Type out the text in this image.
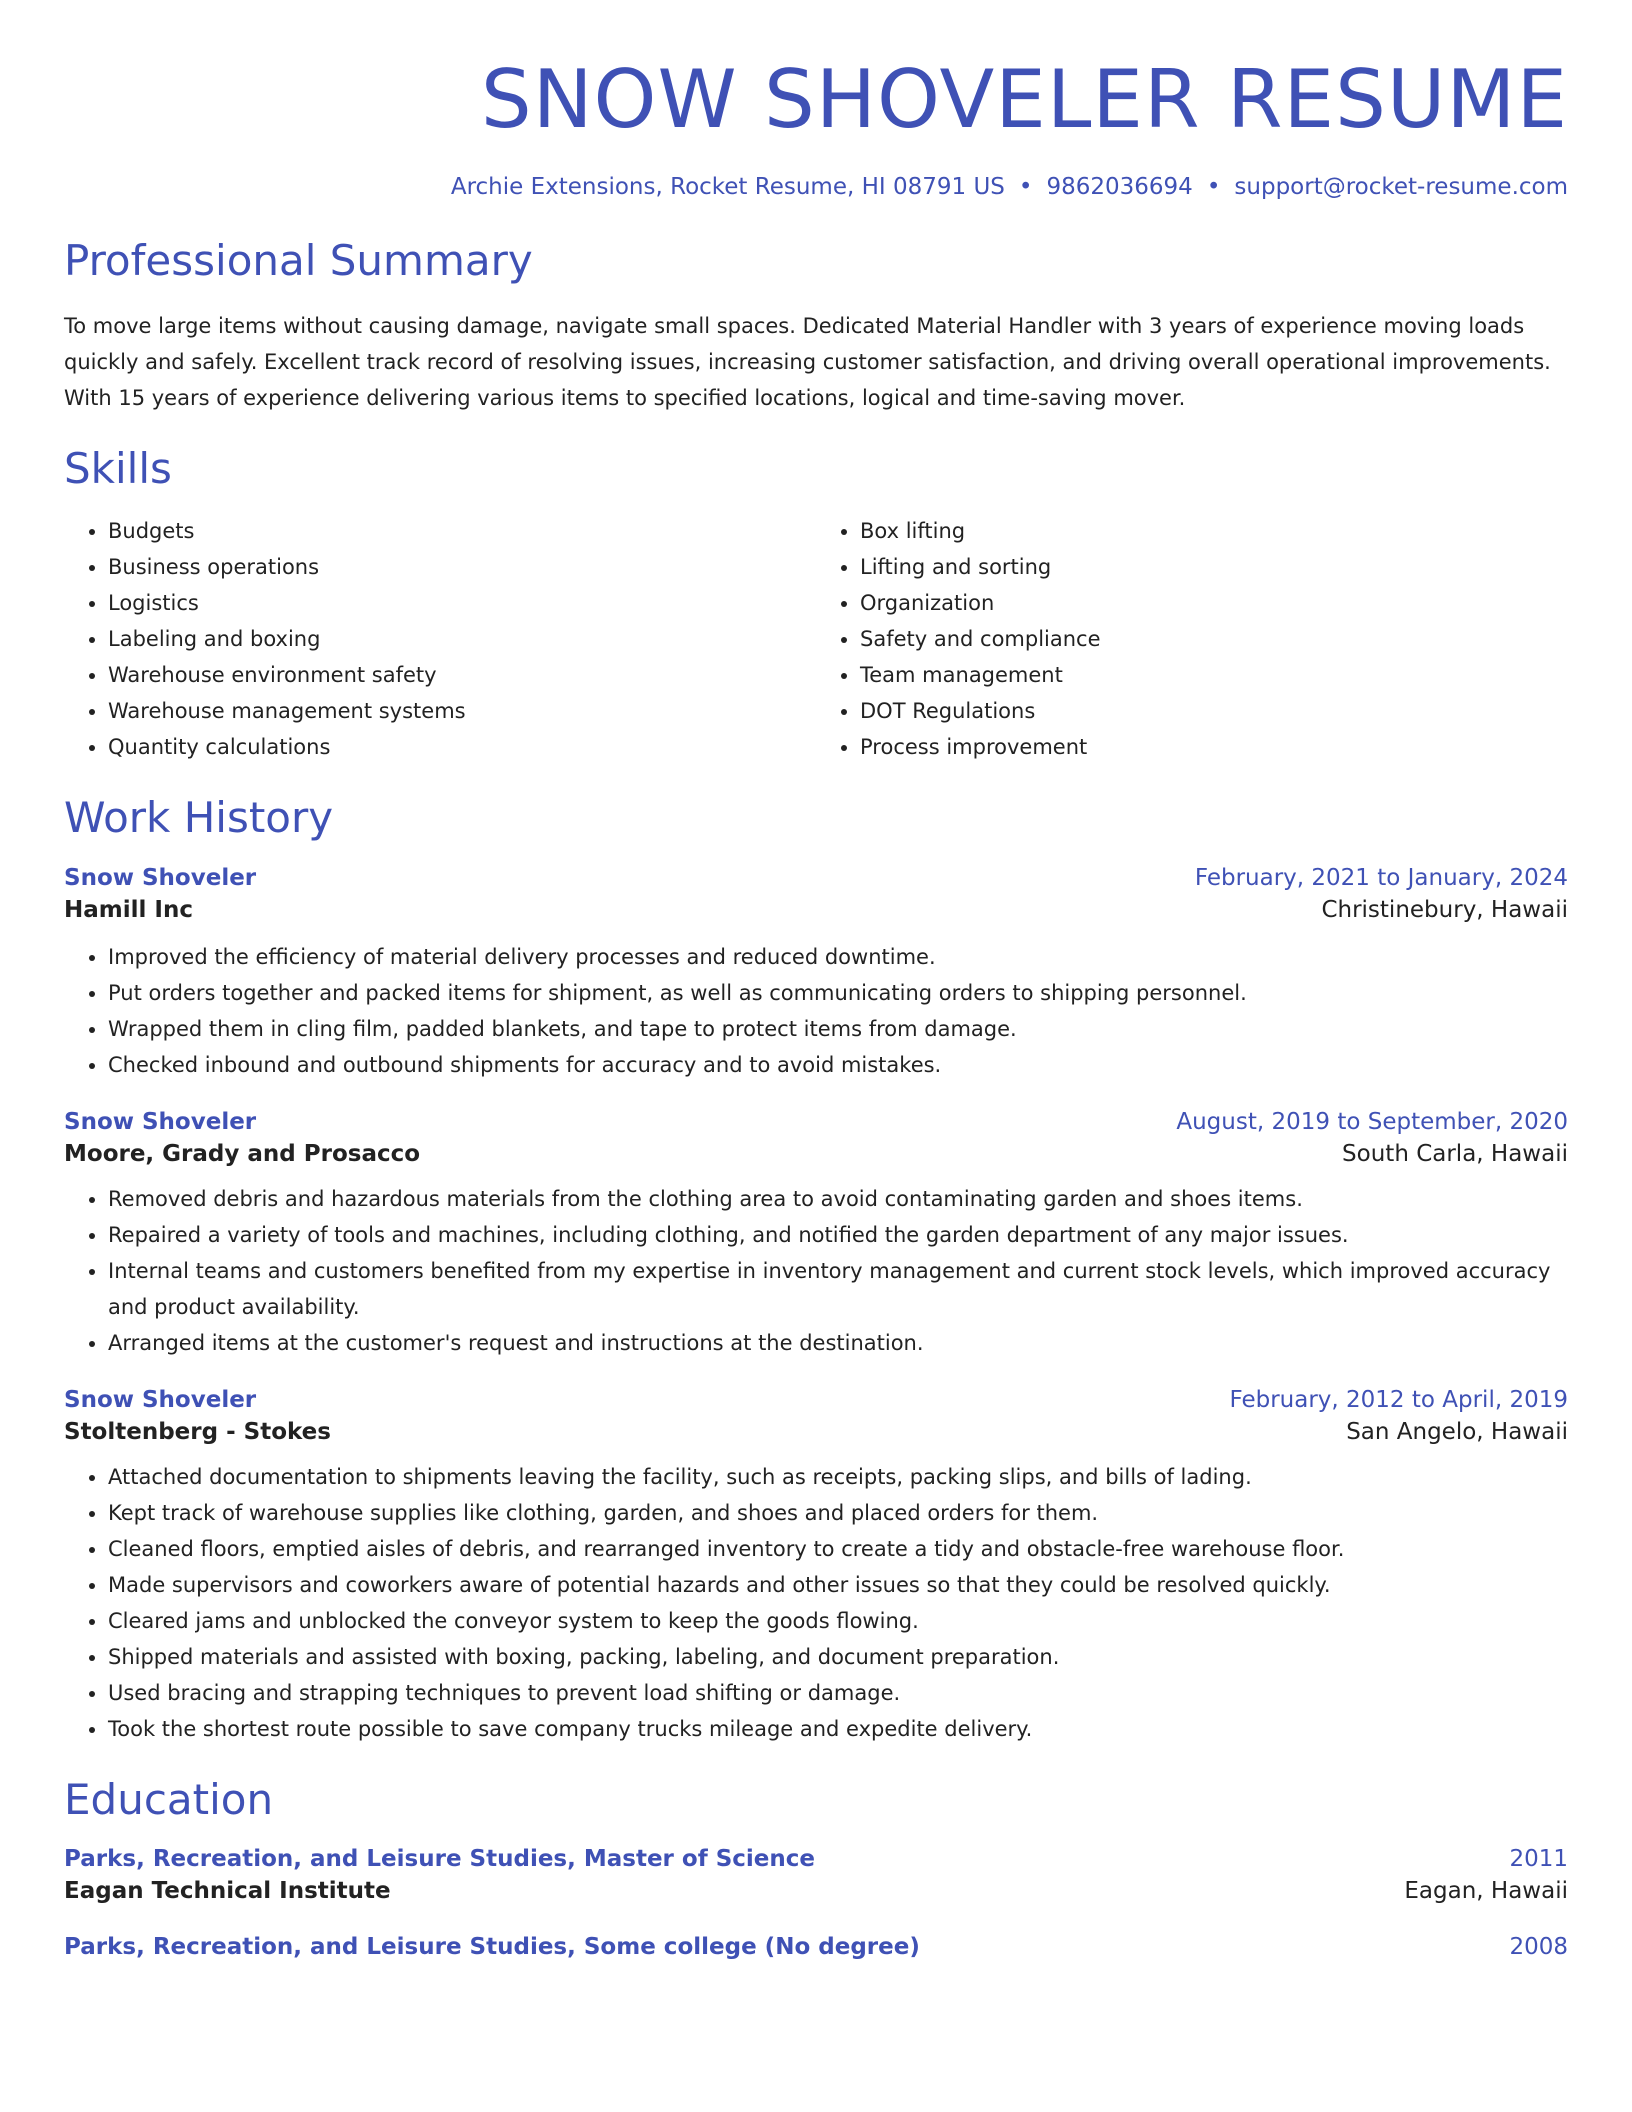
SNOW SHOVELER RESUME
Archie Extensions, Rocket Resume, HI 08791 US • 9862036694 • support@rocket-resume.com
Professional Summary
To move large items without causing damage, navigate small spaces. Dedicated Material Handler with 3 years of experience moving loads quickly and safely. Excellent track record of resolving issues, increasing customer satisfaction, and driving overall operational improvements. With 15 years of experience delivering various items to specified locations, logical and time-saving mover.
Skills
• Budgets
• Business operations
• Logistics
• Labeling and boxing
• Warehouse environment safety
• Warehouse management systems
• Quantity calculations
• Box lifting
• Lifting and sorting
• Organization
• Safety and compliance
• Team management
• DOT Regulations
• Process improvement
Work History
Snow Shoveler	February, 2021 to January, 2024
Hamill Inc	Christinebury, Hawaii
• Improved the efficiency of material delivery processes and reduced downtime.
• Put orders together and packed items for shipment, as well as communicating orders to shipping personnel.
• Wrapped them in cling film, padded blankets, and tape to protect items from damage.
• Checked inbound and outbound shipments for accuracy and to avoid mistakes.
Snow Shoveler	August, 2019 to September, 2020
Moore, Grady and Prosacco	South Carla, Hawaii
• Removed debris and hazardous materials from the clothing area to avoid contaminating garden and shoes items.
• Repaired a variety of tools and machines, including clothing, and notified the garden department of any major issues.
• Internal teams and customers benefited from my expertise in inventory management and current stock levels, which improved accuracy and product availability.
• Arranged items at the customer's request and instructions at the destination.
Snow Shoveler	February, 2012 to April, 2019
Stoltenberg - Stokes	San Angelo, Hawaii
• Attached documentation to shipments leaving the facility, such as receipts, packing slips, and bills of lading.
• Kept track of warehouse supplies like clothing, garden, and shoes and placed orders for them.
• Cleaned floors, emptied aisles of debris, and rearranged inventory to create a tidy and obstacle-free warehouse floor.
• Made supervisors and coworkers aware of potential hazards and other issues so that they could be resolved quickly.
• Cleared jams and unblocked the conveyor system to keep the goods flowing.
• Shipped materials and assisted with boxing, packing, labeling, and document preparation.
• Used bracing and strapping techniques to prevent load shifting or damage.
• Took the shortest route possible to save company trucks mileage and expedite delivery.
Education
Parks, Recreation, and Leisure Studies, Master of Science	2011
Eagan Technical Institute	Eagan, Hawaii
Parks, Recreation, and Leisure Studies, Some college (No degree)	2008
